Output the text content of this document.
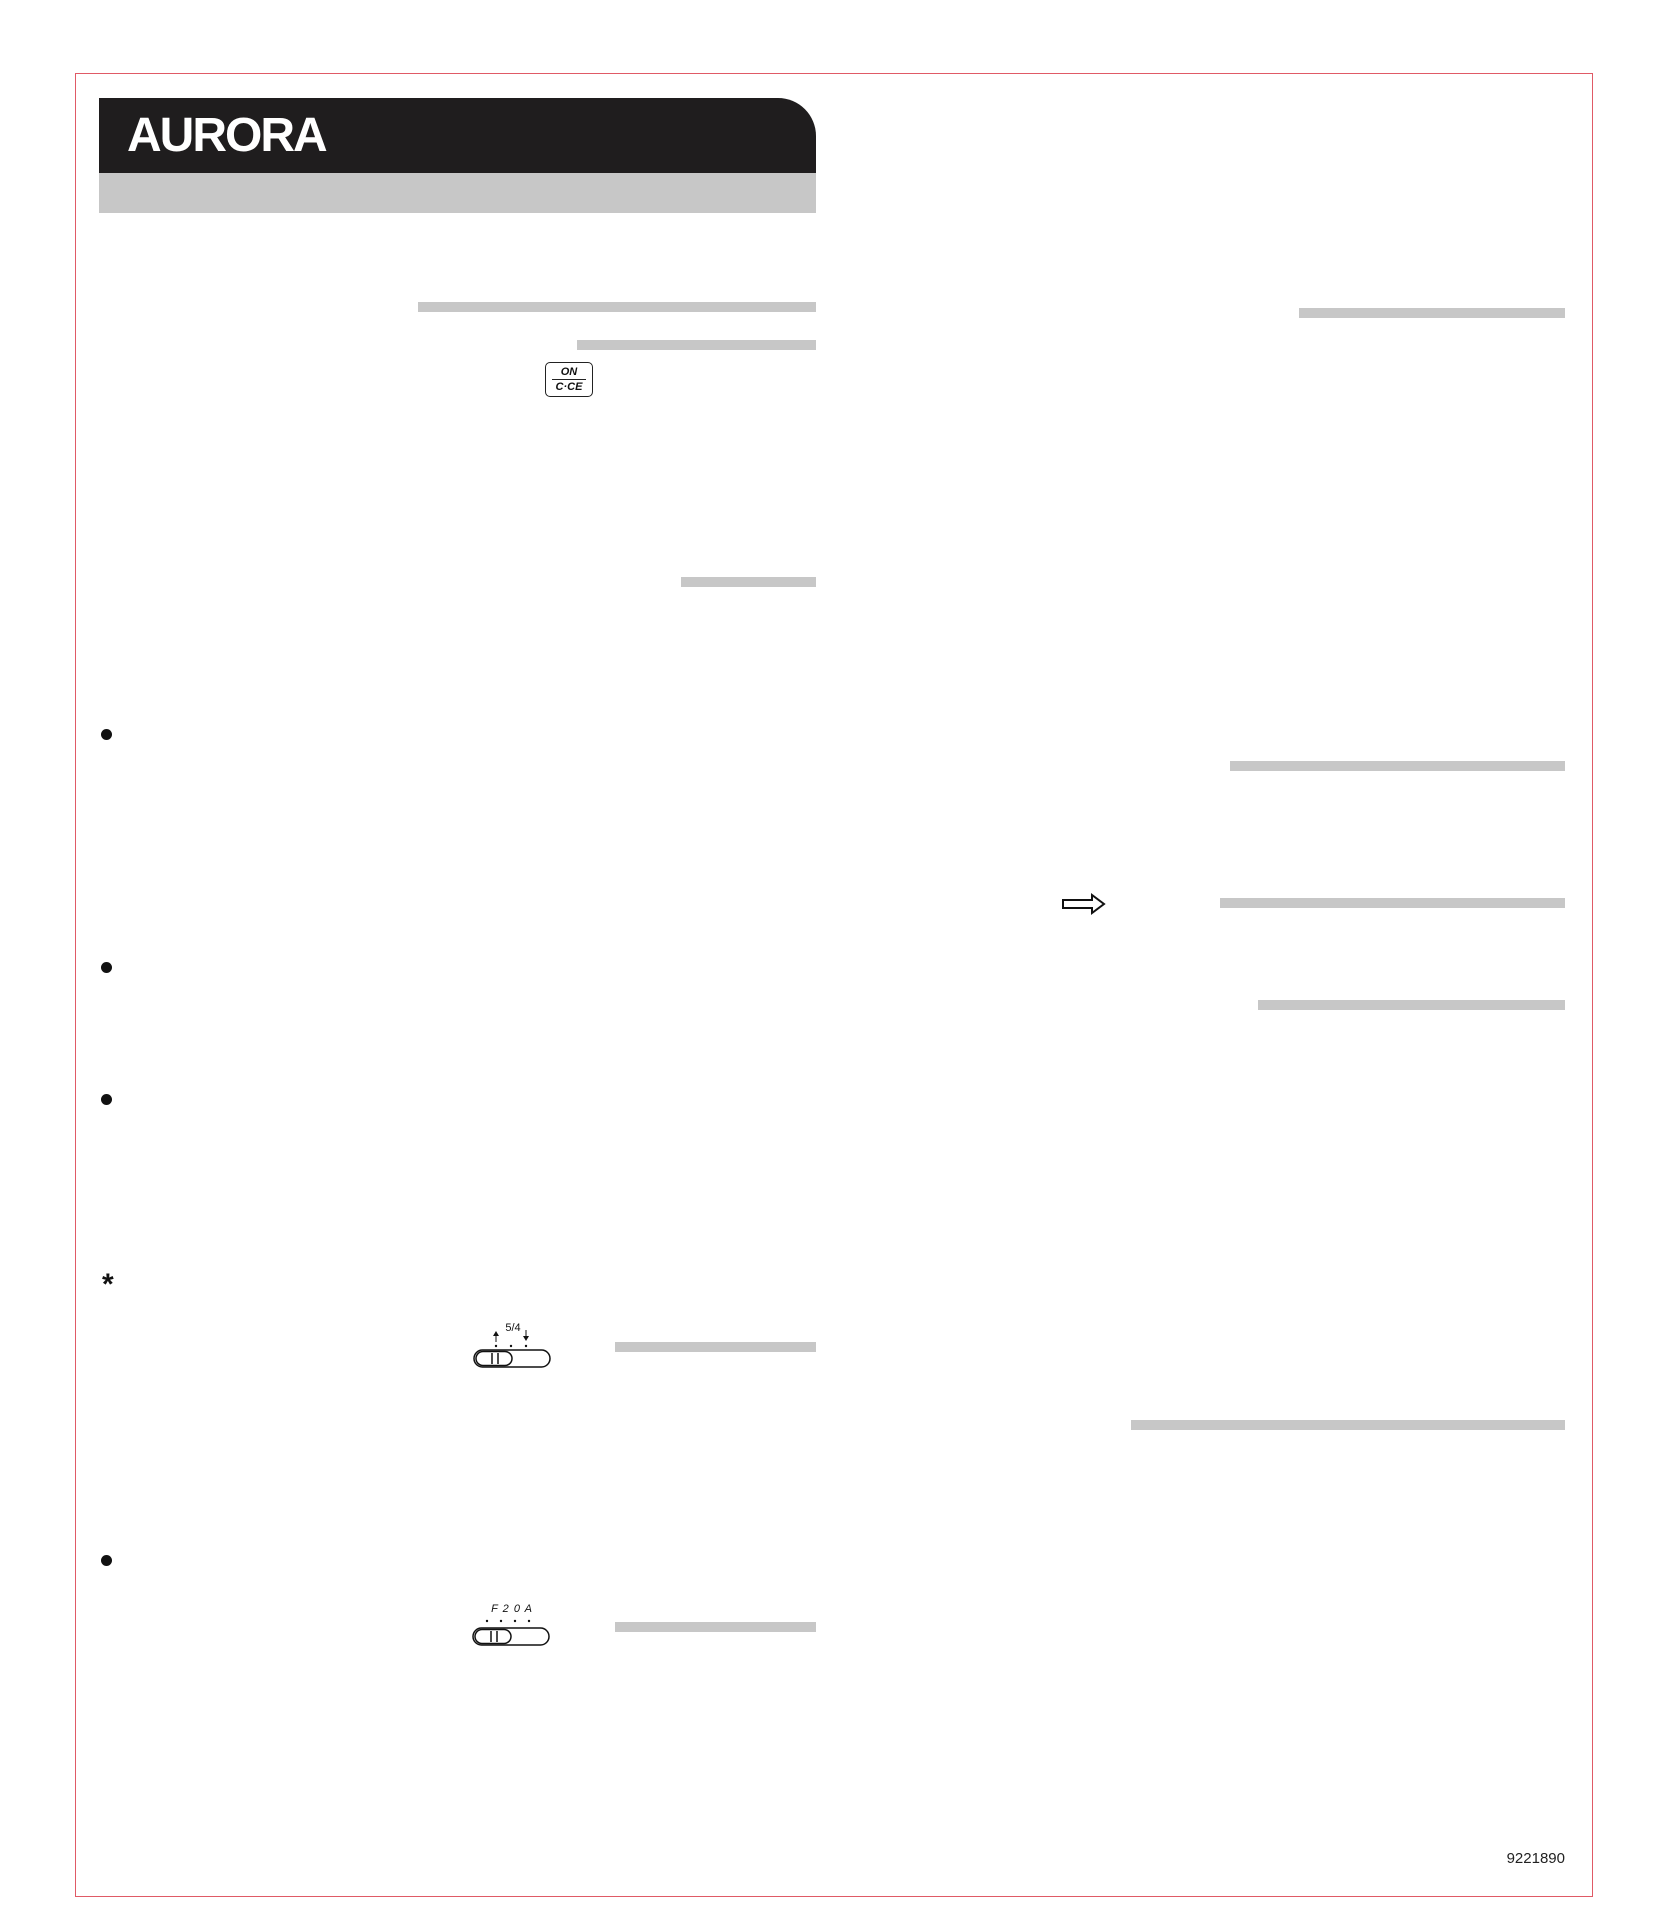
AURORA
ON
C·CE
*
5/4
F 2 0 A
9221890
